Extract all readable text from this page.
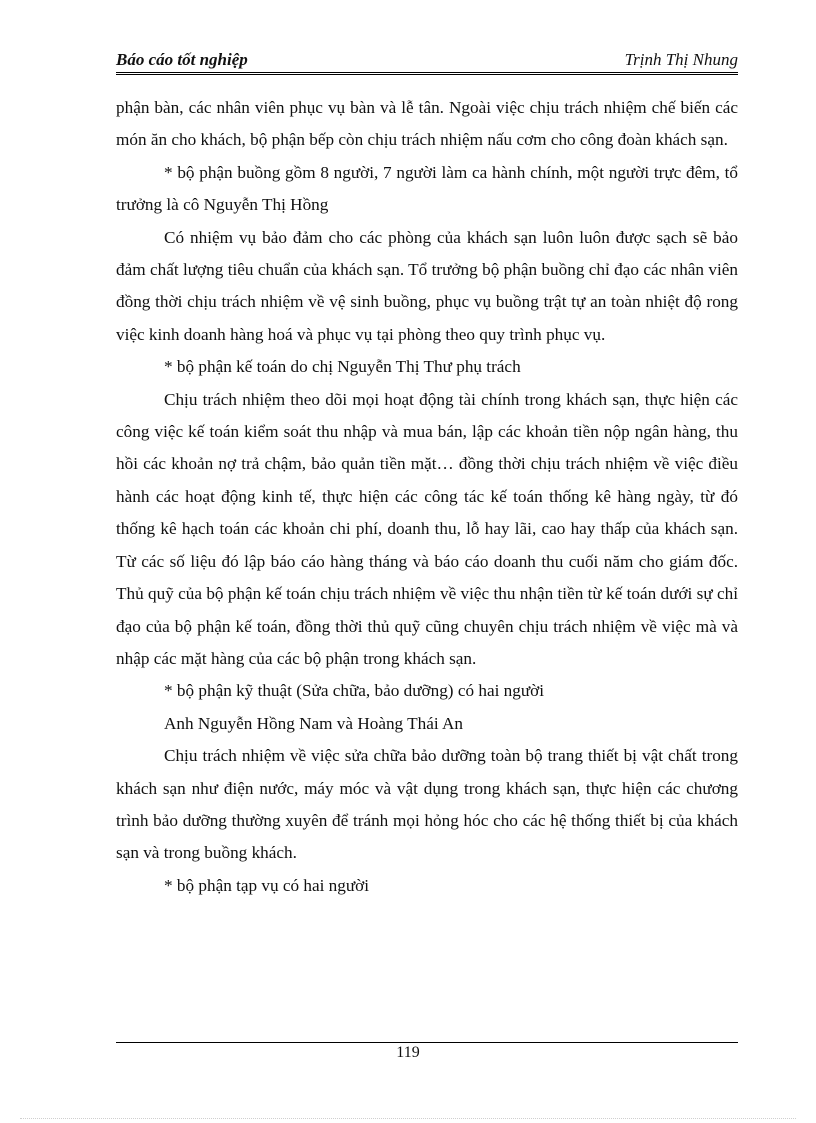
Báo cáo tốt nghiệp	Trịnh Thị Nhung

phận bàn, các nhân viên phục vụ bàn và lễ tân. Ngoài việc chịu trách nhiệm chế biến các món ăn cho khách, bộ phận bếp còn chịu trách nhiệm nấu cơm cho công đoàn khách sạn.

* bộ phận buồng gồm 8 người, 7 người làm ca hành chính, một người trực đêm, tổ trưởng là cô Nguyễn Thị Hồng

Có nhiệm vụ bảo đảm cho các phòng của khách sạn luôn luôn được sạch sẽ bảo đảm chất lượng tiêu chuẩn của khách sạn. Tổ trưởng bộ phận buồng chỉ đạo các nhân viên đồng thời chịu trách nhiệm về vệ sinh buồng, phục vụ buồng trật tự an toàn nhiệt độ rong việc kinh doanh hàng hoá và phục vụ tại phòng theo quy trình phục vụ.

* bộ phận kế toán do chị Nguyễn Thị Thư phụ trách

Chịu trách nhiệm theo dõi mọi hoạt động tài chính trong khách sạn, thực hiện các công việc kế toán kiểm soát thu nhập và mua bán, lập các khoản tiền nộp ngân hàng, thu hồi các khoản nợ trả chậm, bảo quản tiền mặt… đồng thời chịu trách nhiệm về việc điều hành các hoạt động kinh tế, thực hiện các công tác kế toán thống kê hàng ngày, từ đó thống kê hạch toán các khoản chi phí, doanh thu, lỗ hay lãi, cao hay thấp của khách sạn. Từ các số liệu đó lập báo cáo hàng tháng và báo cáo doanh thu cuối năm cho giám đốc. Thủ quỹ của bộ phận kế toán chịu trách nhiệm về việc thu nhận tiền từ kế toán dưới sự chỉ đạo của bộ phận kế toán, đồng thời thủ quỹ cũng chuyên chịu trách nhiệm về việc mà và nhập các mặt hàng của các bộ phận trong khách sạn.

* bộ phận kỹ thuật (Sửa chữa, bảo dưỡng) có hai người

Anh Nguyễn Hồng Nam và Hoàng Thái An

Chịu trách nhiệm về việc sửa chữa bảo dưỡng toàn bộ trang thiết bị vật chất trong khách sạn như điện nước, máy móc và vật dụng trong khách sạn, thực hiện các chương trình bảo dưỡng thường xuyên để tránh mọi hỏng hóc cho các hệ thống thiết bị của khách sạn và trong buồng khách.

* bộ phận tạp vụ có hai người

119
